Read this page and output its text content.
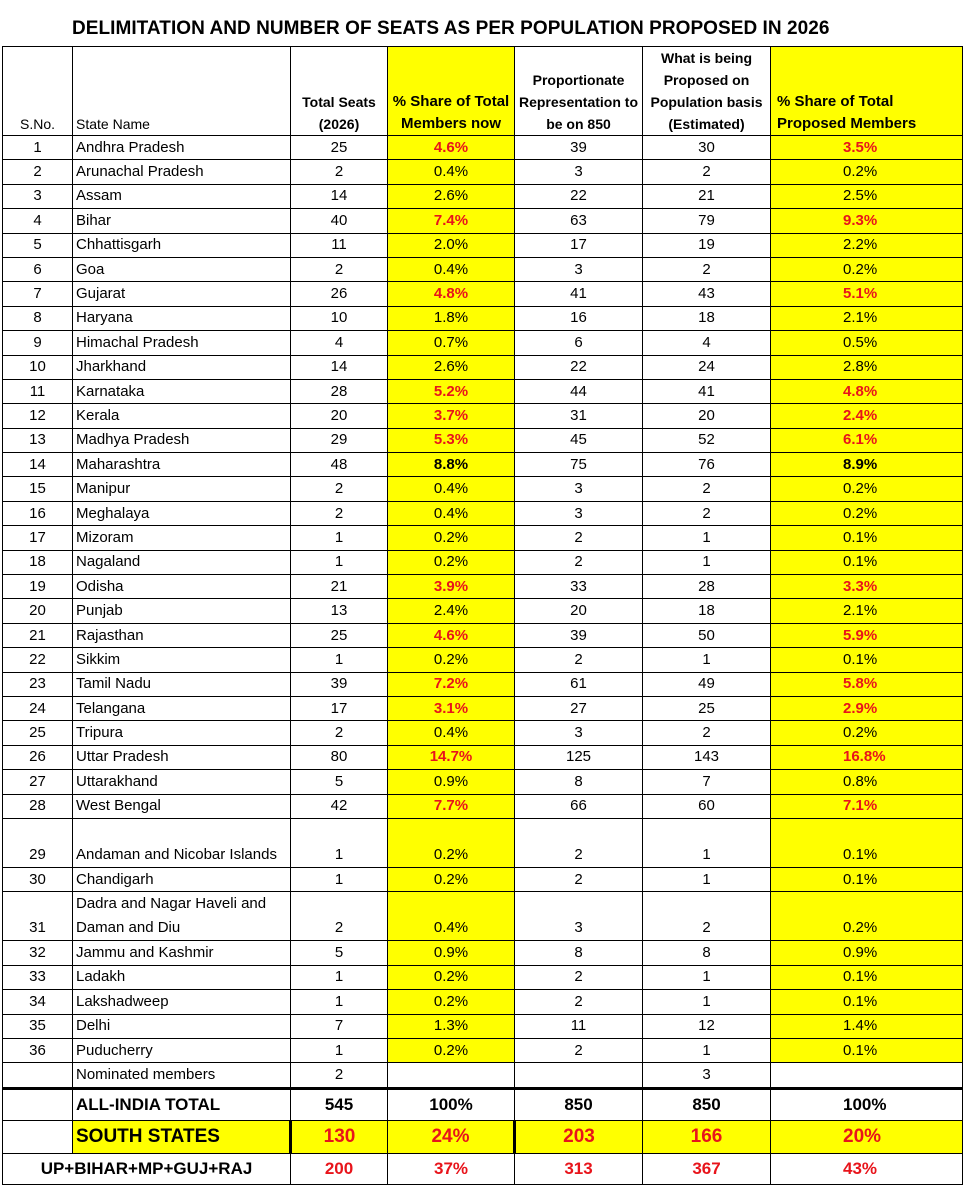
DELIMITATION AND NUMBER OF SEATS AS PER POPULATION PROPOSED IN 2026
S.No.	State Name	Total Seats (2026)	% Share of Total Members now	Proportionate Representation to be on 850	What is being Proposed on Population basis (Estimated)	% Share of Total Proposed Members
1	Andhra Pradesh	25	4.6%	39	30	3.5%
2	Arunachal Pradesh	2	0.4%	3	2	0.2%
3	Assam	14	2.6%	22	21	2.5%
4	Bihar	40	7.4%	63	79	9.3%
5	Chhattisgarh	11	2.0%	17	19	2.2%
6	Goa	2	0.4%	3	2	0.2%
7	Gujarat	26	4.8%	41	43	5.1%
8	Haryana	10	1.8%	16	18	2.1%
9	Himachal Pradesh	4	0.7%	6	4	0.5%
10	Jharkhand	14	2.6%	22	24	2.8%
11	Karnataka	28	5.2%	44	41	4.8%
12	Kerala	20	3.7%	31	20	2.4%
13	Madhya Pradesh	29	5.3%	45	52	6.1%
14	Maharashtra	48	8.8%	75	76	8.9%
15	Manipur	2	0.4%	3	2	0.2%
16	Meghalaya	2	0.4%	3	2	0.2%
17	Mizoram	1	0.2%	2	1	0.1%
18	Nagaland	1	0.2%	2	1	0.1%
19	Odisha	21	3.9%	33	28	3.3%
20	Punjab	13	2.4%	20	18	2.1%
21	Rajasthan	25	4.6%	39	50	5.9%
22	Sikkim	1	0.2%	2	1	0.1%
23	Tamil Nadu	39	7.2%	61	49	5.8%
24	Telangana	17	3.1%	27	25	2.9%
25	Tripura	2	0.4%	3	2	0.2%
26	Uttar Pradesh	80	14.7%	125	143	16.8%
27	Uttarakhand	5	0.9%	8	7	0.8%
28	West Bengal	42	7.7%	66	60	7.1%
29	Andaman and Nicobar Islands	1	0.2%	2	1	0.1%
30	Chandigarh	1	0.2%	2	1	0.1%
31	Dadra and Nagar Haveli and Daman and Diu	2	0.4%	3	2	0.2%
32	Jammu and Kashmir	5	0.9%	8	8	0.9%
33	Ladakh	1	0.2%	2	1	0.1%
34	Lakshadweep	1	0.2%	2	1	0.1%
35	Delhi	7	1.3%	11	12	1.4%
36	Puducherry	1	0.2%	2	1	0.1%
	Nominated members	2			3	
	ALL-INDIA TOTAL	545	100%	850	850	100%
	SOUTH STATES	130	24%	203	166	20%
UP+BIHAR+MP+GUJ+RAJ		200	37%	313	367	43%
